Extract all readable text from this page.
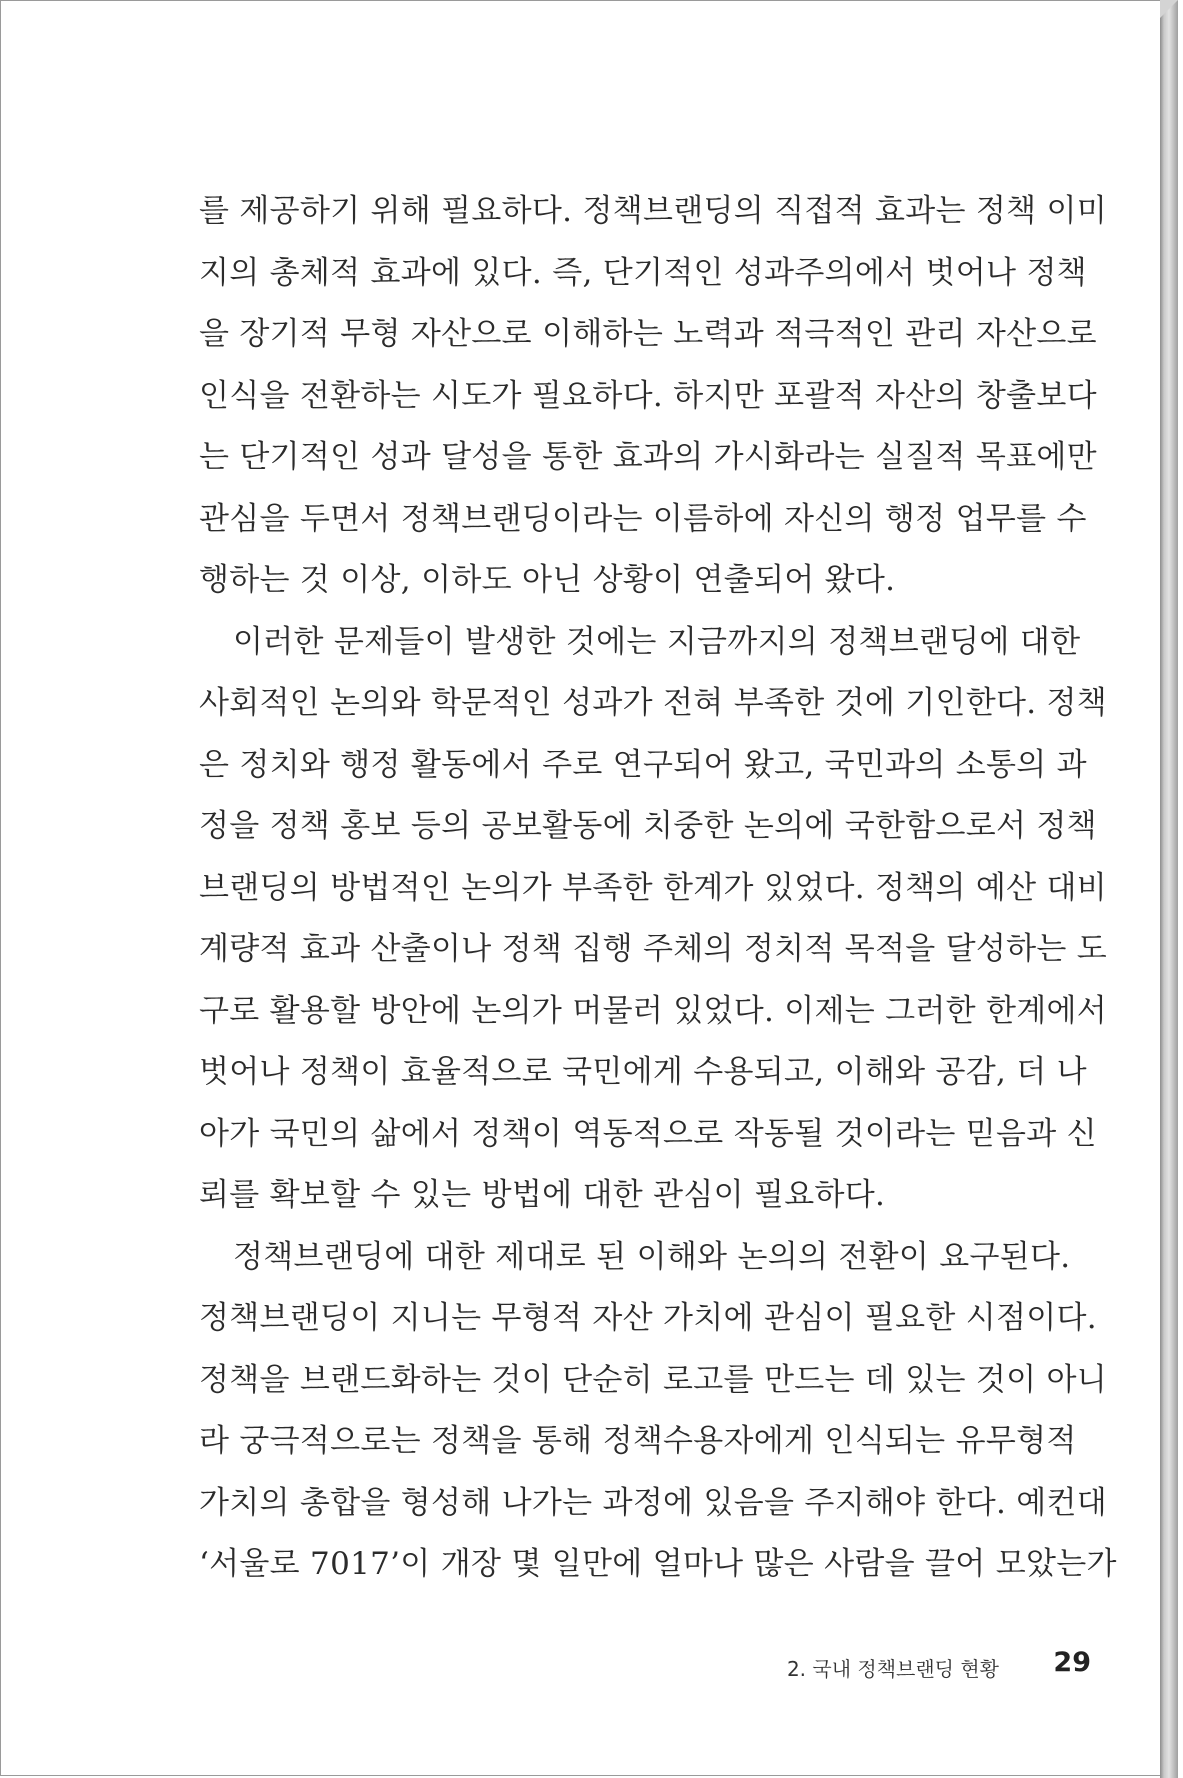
를 제공하기 위해 필요하다. 정책브랜딩의 직접적 효과는 정책 이미
지의 총체적 효과에 있다. 즉, 단기적인 성과주의에서 벗어나 정책
을 장기적 무형 자산으로 이해하는 노력과 적극적인 관리 자산으로
인식을 전환하는 시도가 필요하다. 하지만 포괄적 자산의 창출보다
는 단기적인 성과 달성을 통한 효과의 가시화라는 실질적 목표에만
관심을 두면서 정책브랜딩이라는 이름하에 자신의 행정 업무를 수
행하는 것 이상, 이하도 아닌 상황이 연출되어 왔다.
이러한 문제들이 발생한 것에는 지금까지의 정책브랜딩에 대한
사회적인 논의와 학문적인 성과가 전혀 부족한 것에 기인한다. 정책
은 정치와 행정 활동에서 주로 연구되어 왔고, 국민과의 소통의 과
정을 정책 홍보 등의 공보활동에 치중한 논의에 국한함으로서 정책
브랜딩의 방법적인 논의가 부족한 한계가 있었다. 정책의 예산 대비
계량적 효과 산출이나 정책 집행 주체의 정치적 목적을 달성하는 도
구로 활용할 방안에 논의가 머물러 있었다. 이제는 그러한 한계에서
벗어나 정책이 효율적으로 국민에게 수용되고, 이해와 공감, 더 나
아가 국민의 삶에서 정책이 역동적으로 작동될 것이라는 믿음과 신
뢰를 확보할 수 있는 방법에 대한 관심이 필요하다.
정책브랜딩에 대한 제대로 된 이해와 논의의 전환이 요구된다.
정책브랜딩이 지니는 무형적 자산 가치에 관심이 필요한 시점이다.
정책을 브랜드화하는 것이 단순히 로고를 만드는 데 있는 것이 아니
라 궁극적으로는 정책을 통해 정책수용자에게 인식되는 유무형적
가치의 총합을 형성해 나가는 과정에 있음을 주지해야 한다. 예컨대
‘서울로 7017’이 개장 몇 일만에 얼마나 많은 사람을 끌어 모았는가
2. 국내 정책브랜딩 현황 29
